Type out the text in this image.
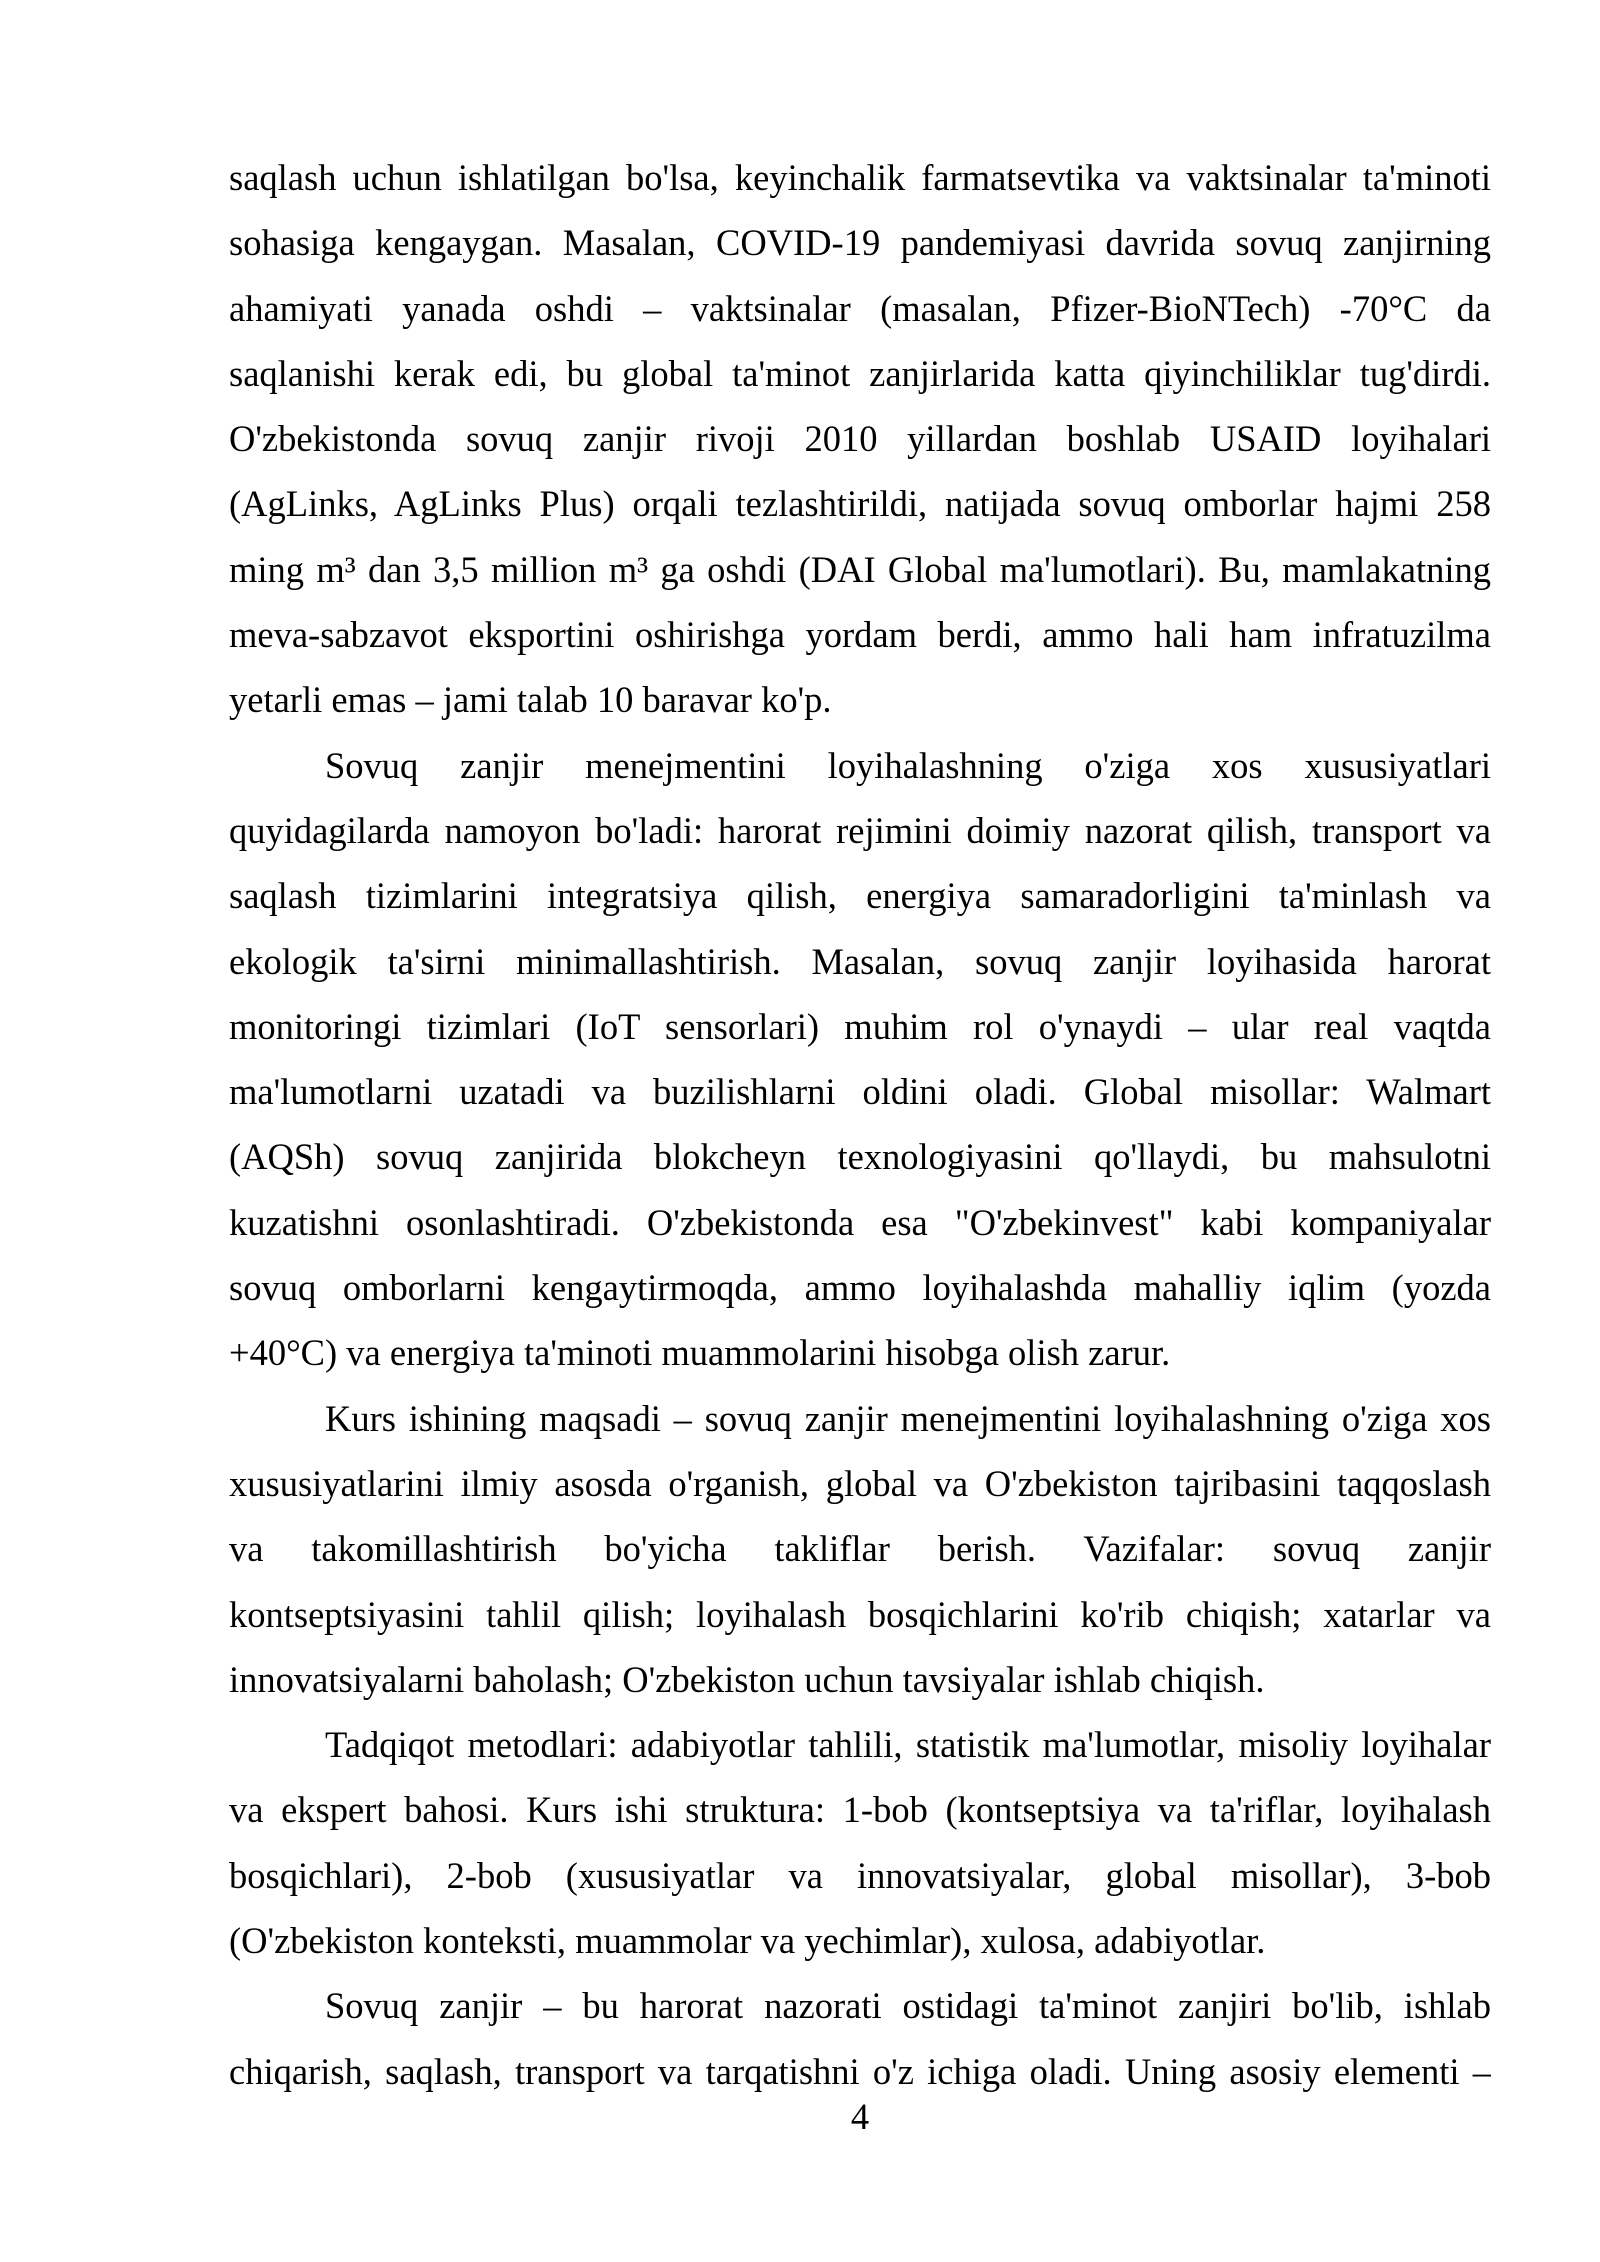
saqlash uchun ishlatilgan bo'lsa, keyinchalik farmatsevtika va vaktsinalar ta'minoti
sohasiga kengaygan. Masalan, COVID-19 pandemiyasi davrida sovuq zanjirning
ahamiyati yanada oshdi – vaktsinalar (masalan, Pfizer-BioNTech) -70°C da
saqlanishi kerak edi, bu global ta'minot zanjirlarida katta qiyinchiliklar tug'dirdi.
O'zbekistonda sovuq zanjir rivoji 2010 yillardan boshlab USAID loyihalari
(AgLinks, AgLinks Plus) orqali tezlashtirildi, natijada sovuq omborlar hajmi 258
ming m³ dan 3,5 million m³ ga oshdi (DAI Global ma'lumotlari). Bu, mamlakatning
meva-sabzavot eksportini oshirishga yordam berdi, ammo hali ham infratuzilma
yetarli emas – jami talab 10 baravar ko'p.
Sovuq zanjir menejmentini loyihalashning o'ziga xos xususiyatlari
quyidagilarda namoyon bo'ladi: harorat rejimini doimiy nazorat qilish, transport va
saqlash tizimlarini integratsiya qilish, energiya samaradorligini ta'minlash va
ekologik ta'sirni minimallashtirish. Masalan, sovuq zanjir loyihasida harorat
monitoringi tizimlari (IoT sensorlari) muhim rol o'ynaydi – ular real vaqtda
ma'lumotlarni uzatadi va buzilishlarni oldini oladi. Global misollar: Walmart
(AQSh) sovuq zanjirida blokcheyn texnologiyasini qo'llaydi, bu mahsulotni
kuzatishni osonlashtiradi. O'zbekistonda esa "O'zbekinvest" kabi kompaniyalar
sovuq omborlarni kengaytirmoqda, ammo loyihalashda mahalliy iqlim (yozda
+40°C) va energiya ta'minoti muammolarini hisobga olish zarur.
Kurs ishining maqsadi – sovuq zanjir menejmentini loyihalashning o'ziga xos
xususiyatlarini ilmiy asosda o'rganish, global va O'zbekiston tajribasini taqqoslash
va takomillashtirish bo'yicha takliflar berish. Vazifalar: sovuq zanjir
kontseptsiyasini tahlil qilish; loyihalash bosqichlarini ko'rib chiqish; xatarlar va
innovatsiyalarni baholash; O'zbekiston uchun tavsiyalar ishlab chiqish.
Tadqiqot metodlari: adabiyotlar tahlili, statistik ma'lumotlar, misoliy loyihalar
va ekspert bahosi. Kurs ishi struktura: 1-bob (kontseptsiya va ta'riflar, loyihalash
bosqichlari), 2-bob (xususiyatlar va innovatsiyalar, global misollar), 3-bob
(O'zbekiston konteksti, muammolar va yechimlar), xulosa, adabiyotlar.
Sovuq zanjir – bu harorat nazorati ostidagi ta'minot zanjiri bo'lib, ishlab
chiqarish, saqlash, transport va tarqatishni o'z ichiga oladi. Uning asosiy elementi –
4
